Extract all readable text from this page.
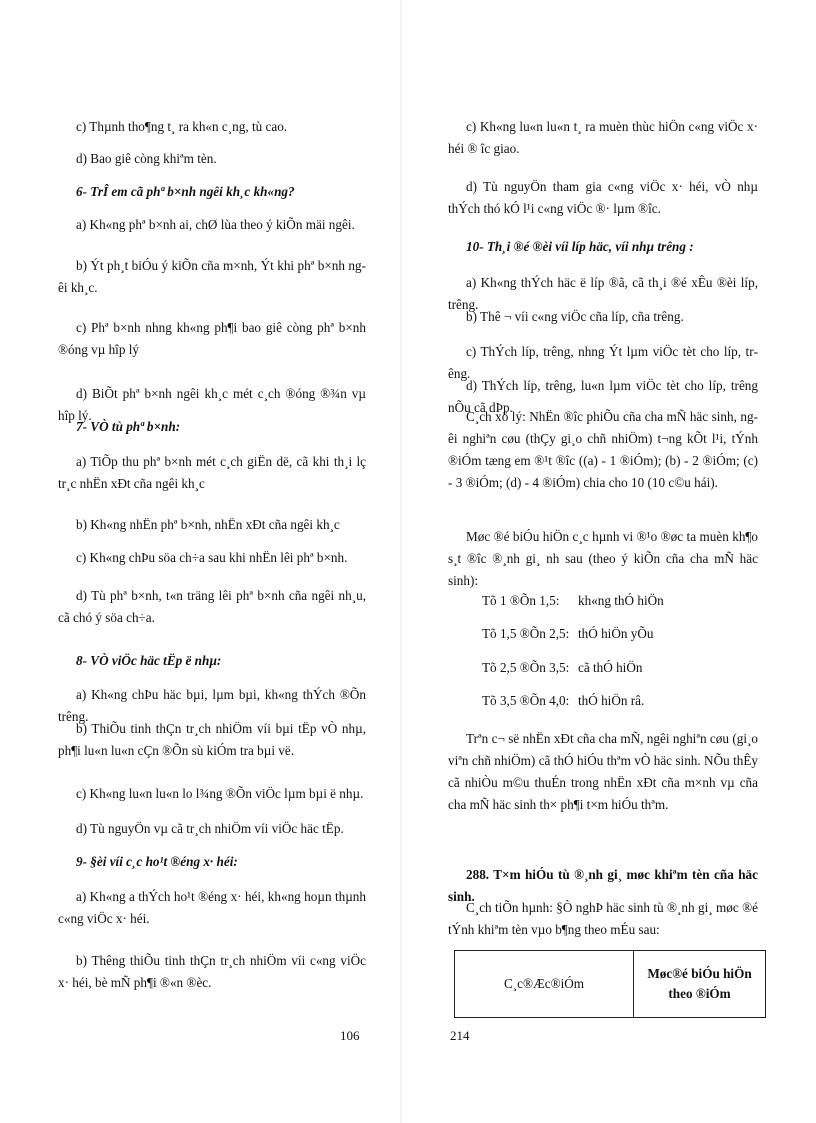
c) Thµnh tho¶ng t¸ ra kh«n c¸ng, tù cao.

d) Bao giê còng khiªm tèn.

6- TrÎ em cã phª b×nh ngêi kh¸c kh«ng?

a) Kh«ng phª b×nh ai, chØ lùa theo ý kiÕn mäi ngêi.

b) Ýt ph¸t biÓu ý kiÕn cña m×nh, Ýt khi phª b×nh ngêi kh¸c.

c) Phª b×nh nhng kh«ng ph¶i bao giê còng phª b×nh ®óng vµ hîp lý

d) BiÕt phª b×nh ngêi kh¸c mét c¸ch ®óng ®¾n vµ hîp lý.

7- VÒ tù phª b×nh:

a) TiÕp thu phª b×nh mét c¸ch giËn dë, cã khi th¸i lç tr¸c nhËn xÐt cña ngêi kh¸c

b) Kh«ng nhËn phª b×nh, nhËn xÐt cña ngêi kh¸c

c) Kh«ng chÞu söa ch÷a sau khi nhËn lêi phª b×nh.

d) Tù phª b×nh, t«n träng lêi phª b×nh cña ngêi nh¸u, cã chó ý söa ch÷a.

8- VÒ viÖc häc tËp ë nhµ:

a) Kh«ng chÞu häc bµi, lµm bµi, kh«ng thÝch ®Õn trêng.

b) ThiÕu tinh thÇn tr¸ch nhiÖm víi bµi tËp vÒ nhµ, ph¶i lu«n lu«n cÇn ®Õn sù kiÓm tra bµi vë.

c) Kh«ng lu«n lu«n lo l¾ng ®Õn viÖc lµm bµi ë nhµ.

d) Tù nguyÖn vµ cã tr¸ch nhiÖm víi viÖc häc tËp.

9- §èi víi c¸c ho¹t ®éng x· héi:

a) Kh«ng a thÝch ho¹t ®éng x· héi, kh«ng hoµn thµnh c«ng viÖc x· héi.

b) Thêng thiÕu tinh thÇn tr¸ch nhiÖm víi c«ng viÖc x· héi, bè mÑ ph¶i ®«n ®èc.

106

c) Kh«ng lu«n lu«n t¸ ra muèn thùc hiÖn c«ng viÖc x· héi ® îc giao.

d) Tù nguyÖn tham gia c«ng viÖc x· héi, vÒ nhµ thÝch thó kÓ l¹i c«ng viÖc ®· lµm ®îc.

10- Th¸i ®é ®èi víi líp häc, víi nhµ trêng :

a) Kh«ng thÝch häc ë líp ®ã, cã th¸i ®é xÊu ®èi líp, trêng.

b) Thê ¬ víi c«ng viÖc cña líp, cña trêng.

c) ThÝch líp, trêng, nhng Ýt lµm viÖc tèt cho líp, trêng.

d) ThÝch líp, trêng, lu«n lµm viÖc tèt cho líp, trêng nÕu cã dÞp.

C¸ch xö lý: NhËn ®îc phiÕu cña cha mÑ häc sinh, ngêi nghiªn cøu (thÇy gi¸o chñ nhiÖm) t¬ng kÕt l¹i, tÝnh ®iÓm tæng em ®¹t ®îc ((a) - 1 ®iÓm); (b) - 2 ®iÓm; (c) - 3 ®iÓm; (d) - 4 ®iÓm) chia cho 10 (10 c©u hái).

Møc ®é biÓu hiÖn c¸c hµnh vi ®¹o ®øc ta muèn kh¶o s¸t ®îc ®¸nh gi¸ nh sau (theo ý kiÕn cña cha mÑ häc sinh):

Tõ 1 ®Õn 1,5: kh«ng thÓ hiÖn
Tõ 1,5 ®Õn 2,5: thÓ hiÖn yÕu
Tõ 2,5 ®Õn 3,5: cã thÓ hiÖn
Tõ 3,5 ®Õn 4,0: thÓ hiÖn râ.

Trªn c¬ së nhËn xÐt cña cha mÑ, ngêi nghiªn cøu (gi¸o viªn chñ nhiÖm) cã thÓ hiÓu thªm vÒ häc sinh. NÕu thÊy cã nhiÒu m©u thuÉn trong nhËn xÐt cña m×nh vµ cña cha mÑ häc sinh th× ph¶i t×m hiÓu thªm.

288. T×m hiÓu tù ®¸nh gi¸ møc khiªm tèn cña häc sinh.

C¸ch tiÕn hµnh: §Ò nghÞ häc sinh tù ®¸nh gi¸ møc ®é tÝnh khiªm tèn vµo b¶ng theo mÉu sau:

C¸c®Æc®iÓm	Møc®é biÓu hiÖn theo ®iÓm
214
